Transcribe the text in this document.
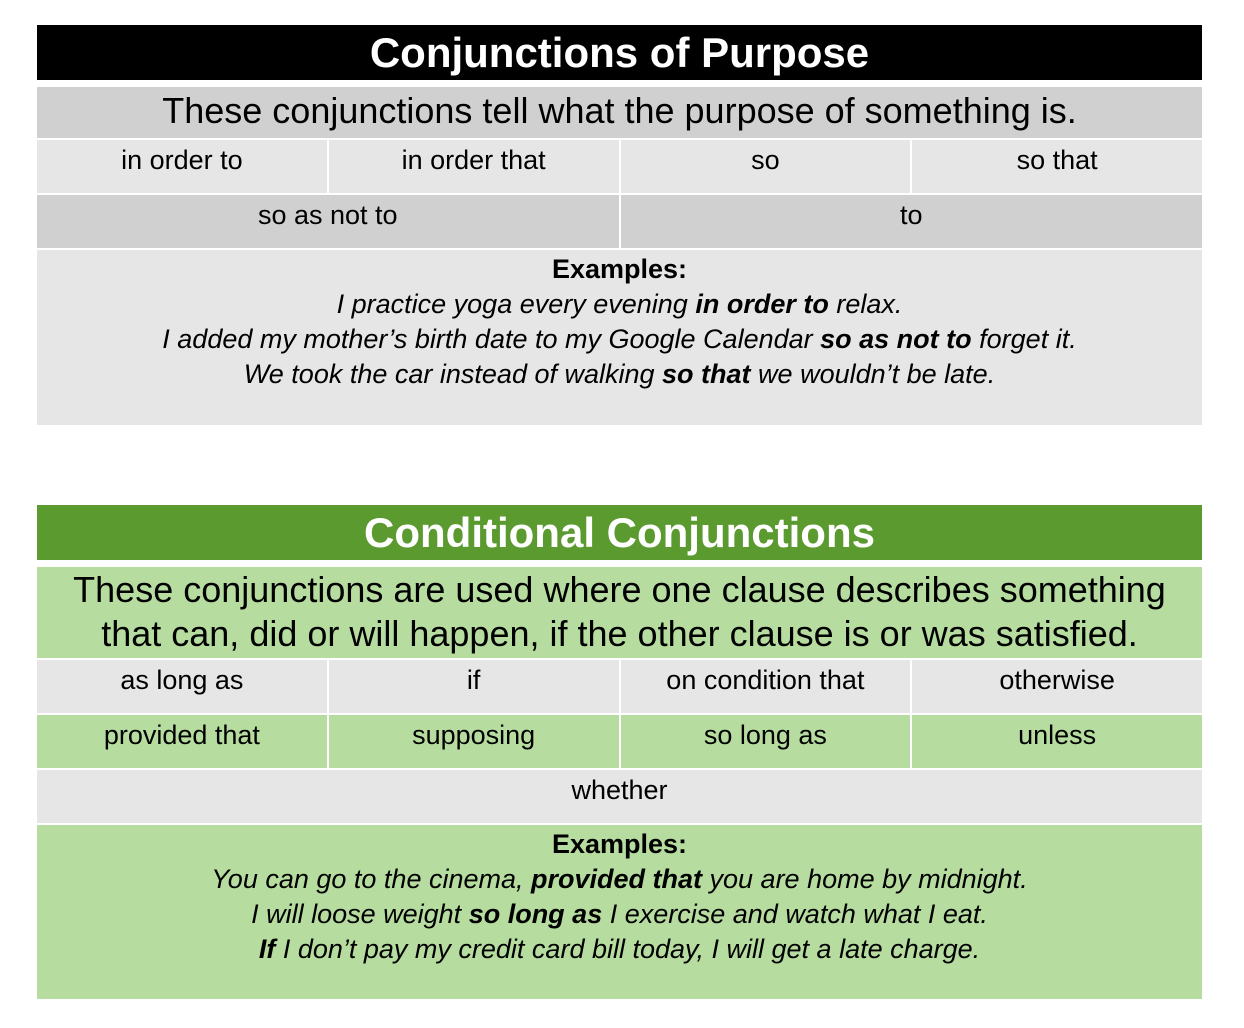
Conjunctions of Purpose
These conjunctions tell what the purpose of something is.
in order to	in order that	so	so that
so as not to	to
Examples:
I practice yoga every evening in order to relax.
I added my mother’s birth date to my Google Calendar so as not to forget it.
We took the car instead of walking so that we wouldn’t be late.
Conditional Conjunctions
These conjunctions are used where one clause describes something
that can, did or will happen, if the other clause is or was satisfied.
as long as	if	on condition that	otherwise
provided that	supposing	so long as	unless
whether
Examples:
You can go to the cinema, provided that you are home by midnight.
I will loose weight so long as I exercise and watch what I eat.
If I don’t pay my credit card bill today, I will get a late charge.
